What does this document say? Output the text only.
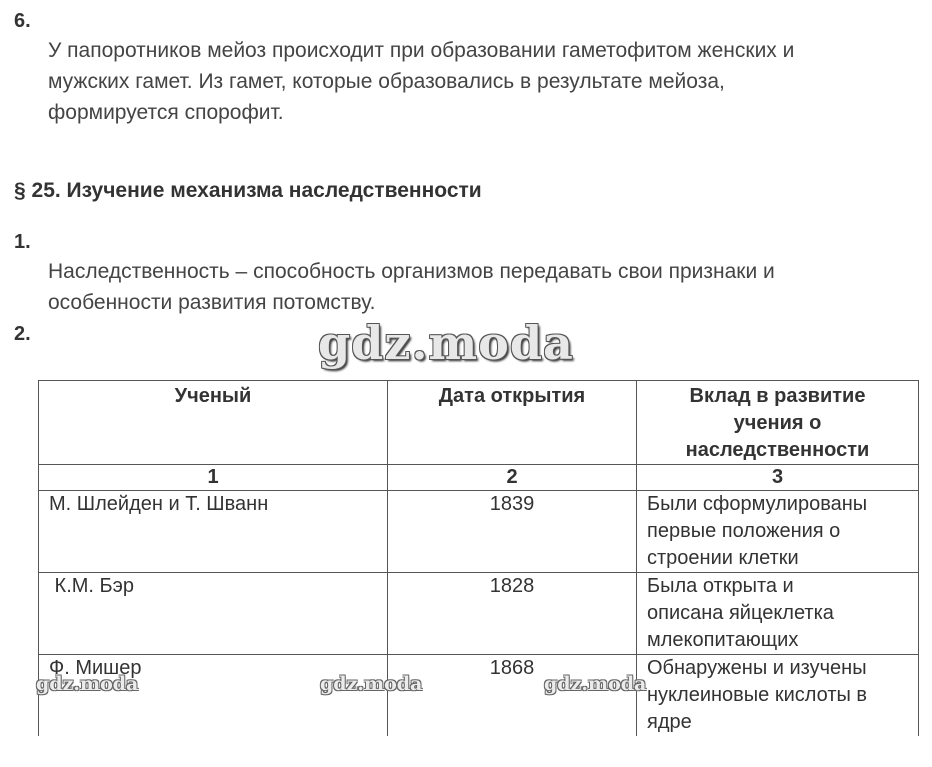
6.
У папоротников мейоз происходит при образовании гаметофитом женских и
мужских гамет. Из гамет, которые образовались в результате мейоза,
формируется спорофит.
§ 25. Изучение механизма наследственности
1.
Наследственность – способность организмов передавать свои признаки и
особенности развития потомству.
2.	gdz.moda
Ученый	Дата открытия	Вклад в развитие
учения о
наследственности

1	2	3
М. Шлейден и Т. Шванн	1839	Были сформулированы
первые положения о
строении клетки

К.М. Бэр	1828	Была открыта и
описана яйцеклетка
млекопитающих

Ф. Мишер	1868	Обнаружены и изучены
нуклеиновые кислоты в
ядре
gdz.moda	gdz.moda	gdz.moda
